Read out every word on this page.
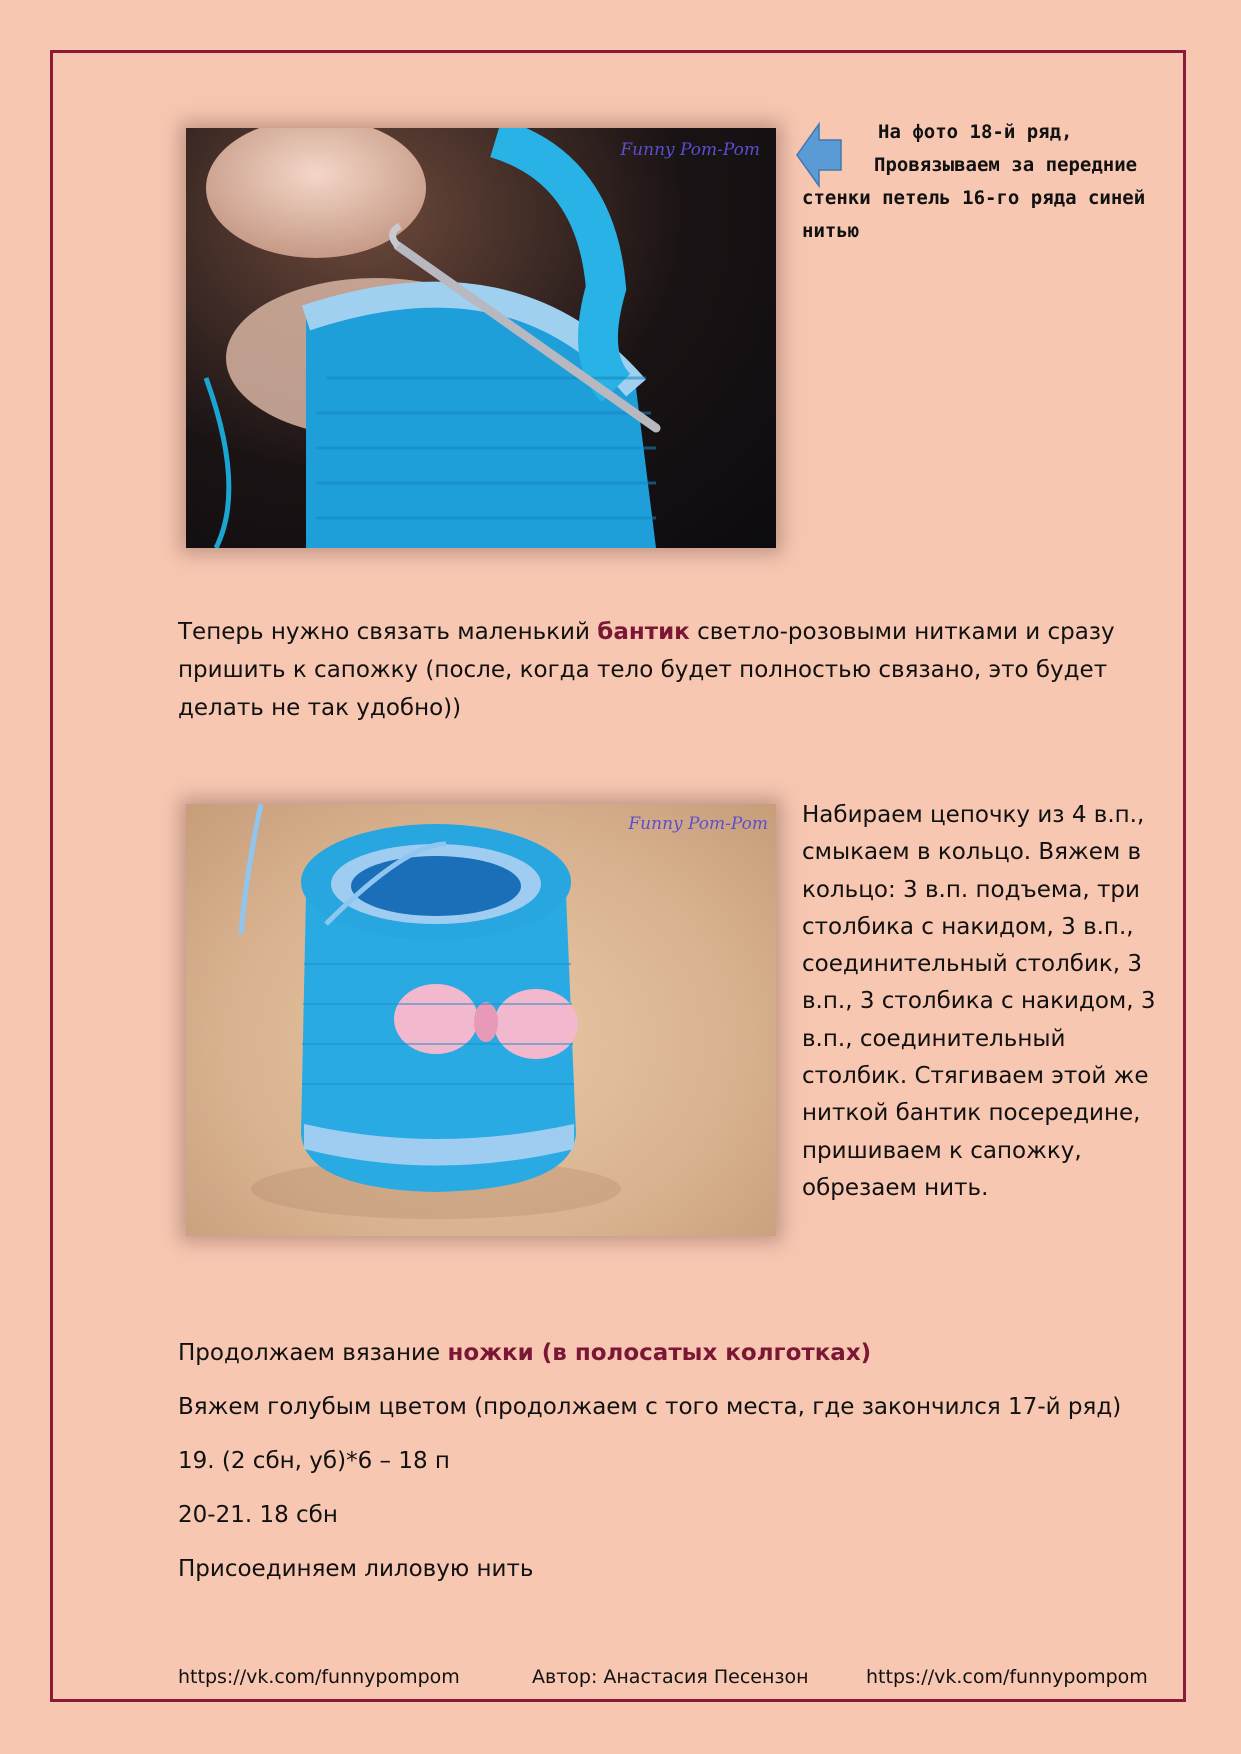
Funny Pom-Pom
На фото 18-й ряд,
Провязываем за передние стенки петель 16-го ряда синей нитью
Теперь нужно связать маленький бантик светло-розовыми нитками и сразу пришить к сапожку (после, когда тело будет полностью связано, это будет делать не так удобно))
Funny Pom-Pom Набираем цепочку из 4 в.п., смыкаем в кольцо. Вяжем в кольцо: 3 в.п. подъема, три столбика с накидом, 3 в.п., соединительный столбик, 3 в.п., 3 столбика с накидом, 3 в.п., соединительный столбик. Стягиваем этой же ниткой бантик посередине, пришиваем к сапожку, обрезаем нить.
Продолжаем вязание ножки (в полосатых колготках)
Вяжем голубым цветом (продолжаем с того места, где закончился 17-й ряд)
19. (2 сбн, уб)*6 – 18 п
20-21. 18 сбн
Присоединяем лиловую нить
https://vk.com/funnypompom	Автор: Анастасия Песензон	https://vk.com/funnypompom
